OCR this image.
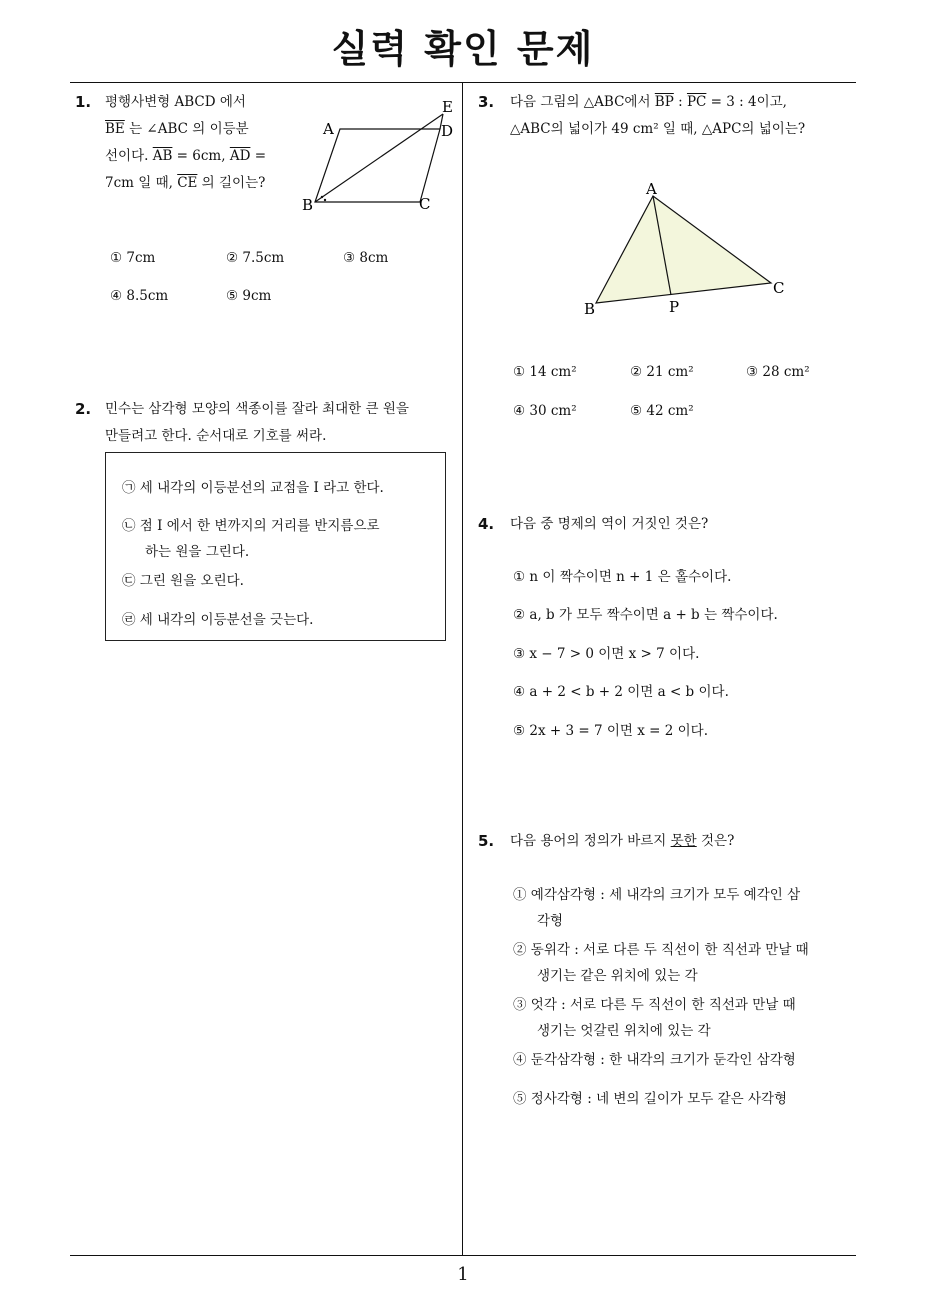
실력 확인 문제
1
1. 평행사변형 ABCD 에서
$\overline{BE}$ 는 ∠ABC 의 이등분
선이다. $\overline{AB} = 6cm$, $\overline{AD}$ =
7cm 일 때, $\overline{CE}$ 의 길이는?
A
E
D
B	C
① 7cm	② 7.5cm	③ 8cm
④ 8.5cm	⑤ 9cm
2. 민수는 삼각형 모양의 색종이를 잘라 최대한 큰 원을
만들려고 한다. 순서대로 기호를 써라.
㉠ 세 내각의 이등분선의 교점을 I 라고 한다.
㉡ 점 I 에서 한 변까지의 거리를 반지름으로
하는 원을 그린다.
㉢ 그린 원을 오린다.
㉣ 세 내각의 이등분선을 긋는다.
3. 다음 그림의 △ABC에서 $\overline{BP}$ : $\overline{PC} = 3$ : 4이고,
△ABC의 넓이가 49 cm² 일 때, △APC의 넓이는?
A
B
C
P
① 14 cm²	② 21 cm²	③ 28 cm²
④ 30 cm²	⑤ 42 cm²
4. 다음 중 명제의 역이 거짓인 것은?
① n 이 짝수이면 n + 1 은 홀수이다.
② a, b 가 모두 짝수이면 a + b 는 짝수이다.
③ x − 7 > 0 이면 x > 7 이다.
④ a + 2 < b + 2 이면 a < b 이다.
⑤ 2x + 3 = 7 이면 x = 2 이다.
5. 다음 용어의 정의가 바르지 못한 것은?
① 예각삼각형 : 세 내각의 크기가 모두 예각인 삼
각형
② 동위각 : 서로 다른 두 직선이 한 직선과 만날 때
생기는 같은 위치에 있는 각
③ 엇각 : 서로 다른 두 직선이 한 직선과 만날 때
생기는 엇갈린 위치에 있는 각
④ 둔각삼각형 : 한 내각의 크기가 둔각인 삼각형
⑤ 정사각형 : 네 변의 길이가 모두 같은 사각형
